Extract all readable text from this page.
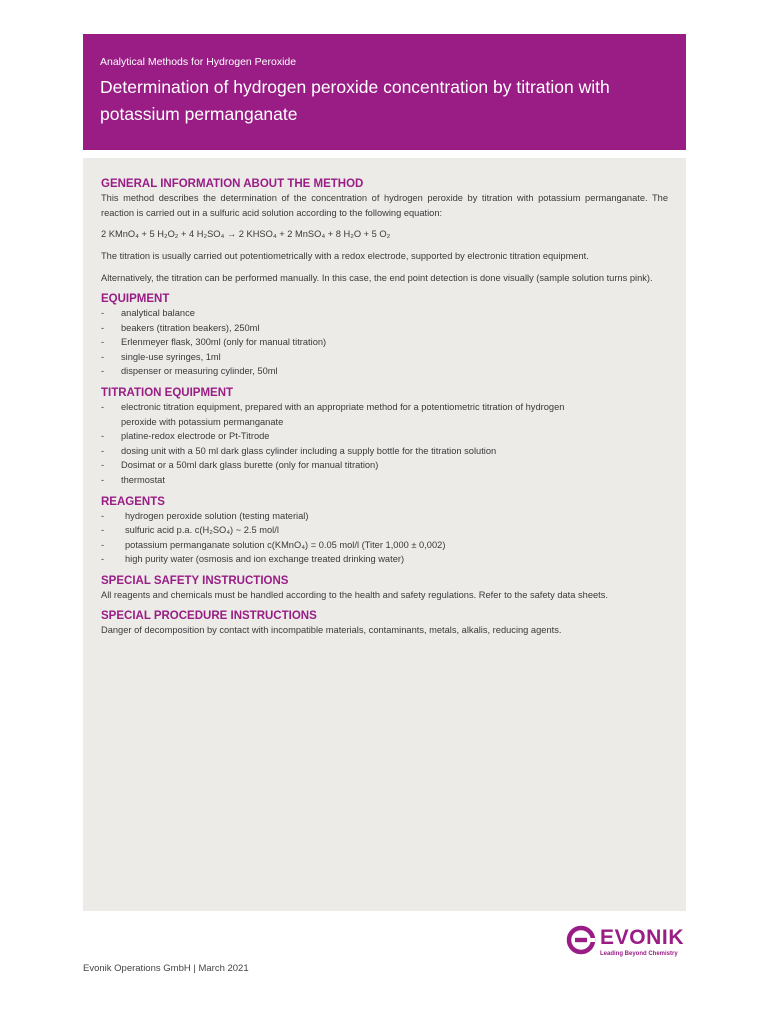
Analytical Methods for Hydrogen Peroxide
Determination of hydrogen peroxide concentration by titration with potassium permanganate
GENERAL INFORMATION ABOUT THE METHOD

This method describes the determination of the concentration of hydrogen peroxide by titration with potassium permanganate. The reaction is carried out in a sulfuric acid solution according to the following equation:

2 KMnO₄ + 5 H₂O₂ + 4 H₂SO₄ → 2 KHSO₄ + 2 MnSO₄ + 8 H₂O + 5 O₂

The titration is usually carried out potentiometrically with a redox electrode, supported by electronic titration equipment.

Alternatively, the titration can be performed manually. In this case, the end point detection is done visually (sample solution turns pink).

EQUIPMENT
- analytical balance
- beakers (titration beakers), 250ml
- Erlenmeyer flask, 300ml (only for manual titration)
- single-use syringes, 1ml
- dispenser or measuring cylinder, 50ml
TITRATION EQUIPMENT
- electronic titration equipment, prepared with an appropriate method for a potentiometric titration of hydrogen peroxide with potassium permanganate
- platine-redox electrode or Pt-Titrode
- dosing unit with a 50 ml dark glass cylinder including a supply bottle for the titration solution
- Dosimat or a 50ml dark glass burette (only for manual titration)
- thermostat
REAGENTS
- hydrogen peroxide solution (testing material)
- sulfuric acid p.a. c(H₂SO₄) ~ 2.5 mol/l
- potassium permanganate solution c(KMnO₄) = 0.05 mol/l (Titer 1,000 ± 0,002)
- high purity water (osmosis and ion exchange treated drinking water)
SPECIAL SAFETY INSTRUCTIONS

All reagents and chemicals must be handled according to the health and safety regulations. Refer to the safety data sheets.

SPECIAL PROCEDURE INSTRUCTIONS

Danger of decomposition by contact with incompatible materials, contaminants, metals, alkalis, reducing agents.

EVONIK
Leading Beyond Chemistry
Evonik Operations GmbH | March 2021
